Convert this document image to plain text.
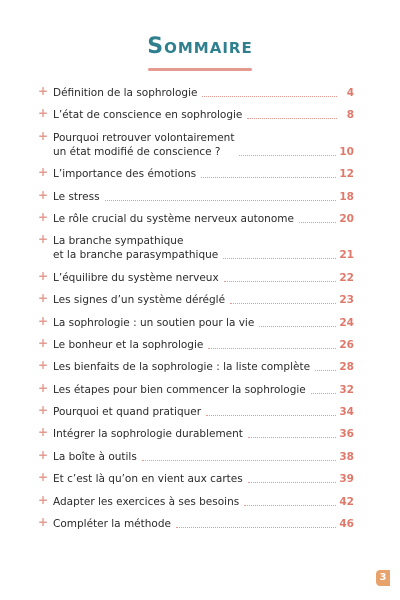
Sommaire
+ Définition de la sophrologie	4
+ L’état de conscience en sophrologie	8
+ Pourquoi retrouver volontairement
un état modifié de conscience ?	10
+ L’importance des émotions	12
+ Le stress	18
+ Le rôle crucial du système nerveux autonome	20
+ La branche sympathique
et la branche parasympathique	21
+ L’équilibre du système nerveux	22
+ Les signes d’un système déréglé	23
+ La sophrologie : un soutien pour la vie	24
+ Le bonheur et la sophrologie	26
+ Les bienfaits de la sophrologie : la liste complète	28
+ Les étapes pour bien commencer la sophrologie	32
+ Pourquoi et quand pratiquer	34
+ Intégrer la sophrologie durablement	36
+ La boîte à outils	38
+ Et c’est là qu’on en vient aux cartes	39
+ Adapter les exercices à ses besoins	42
+ Compléter la méthode	46
3
